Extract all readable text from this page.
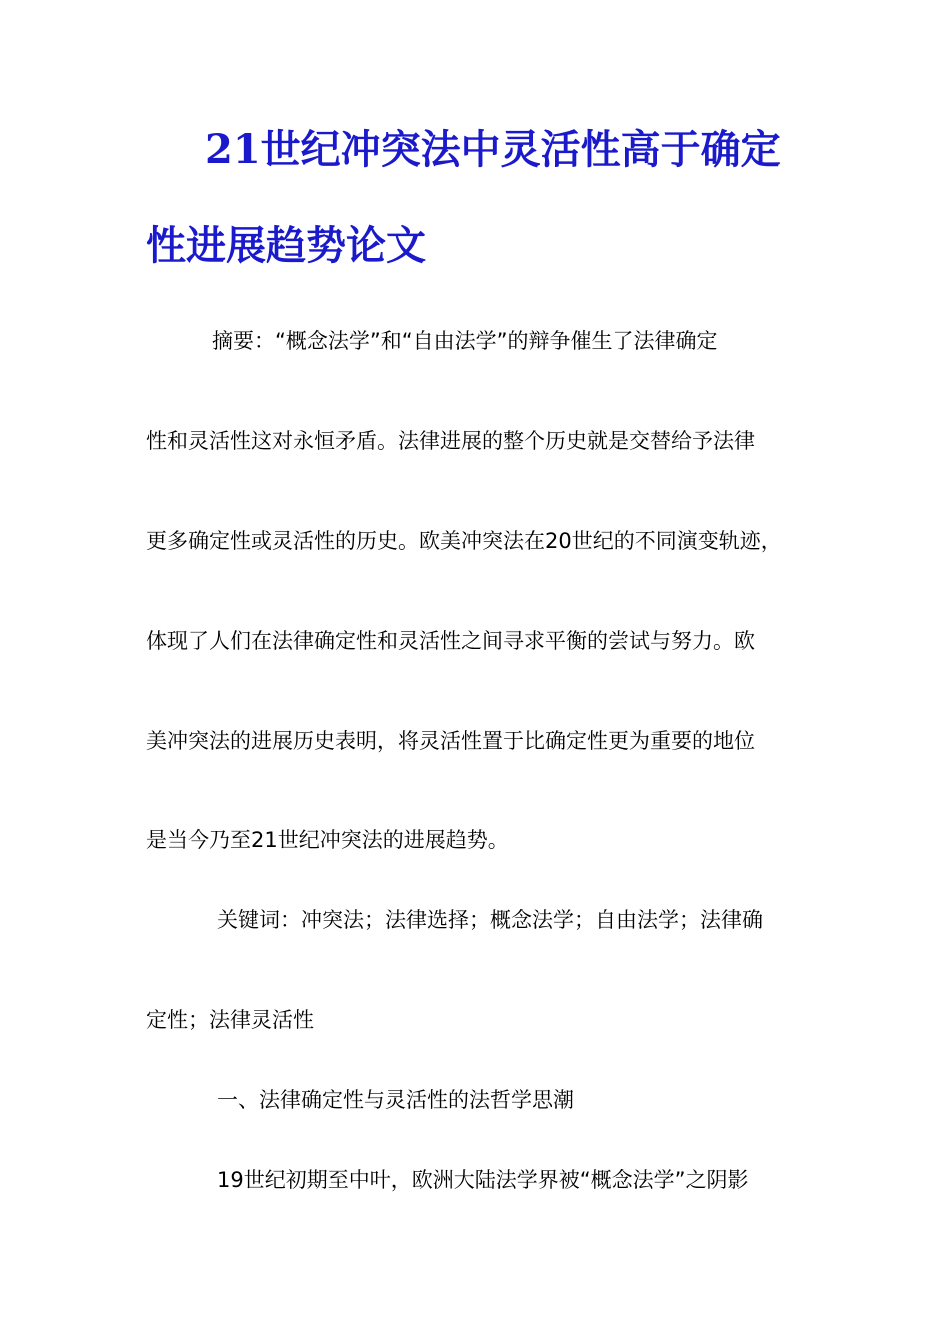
21世纪冲突法中灵活性高于确定
性进展趋势论文
摘要：“概念法学”和“自由法学”的辩争催生了法律确定
性和灵活性这对永恒矛盾。法律进展的整个历史就是交替给予法律
更多确定性或灵活性的历史。欧美冲突法在20世纪的不同演变轨迹，
体现了人们在法律确定性和灵活性之间寻求平衡的尝试与努力。欧
美冲突法的进展历史表明，将灵活性置于比确定性更为重要的地位
是当今乃至21世纪冲突法的进展趋势。
关键词：冲突法；法律选择；概念法学；自由法学；法律确
定性；法律灵活性
一、法律确定性与灵活性的法哲学思潮
19世纪初期至中叶，欧洲大陆法学界被“概念法学”之阴影
